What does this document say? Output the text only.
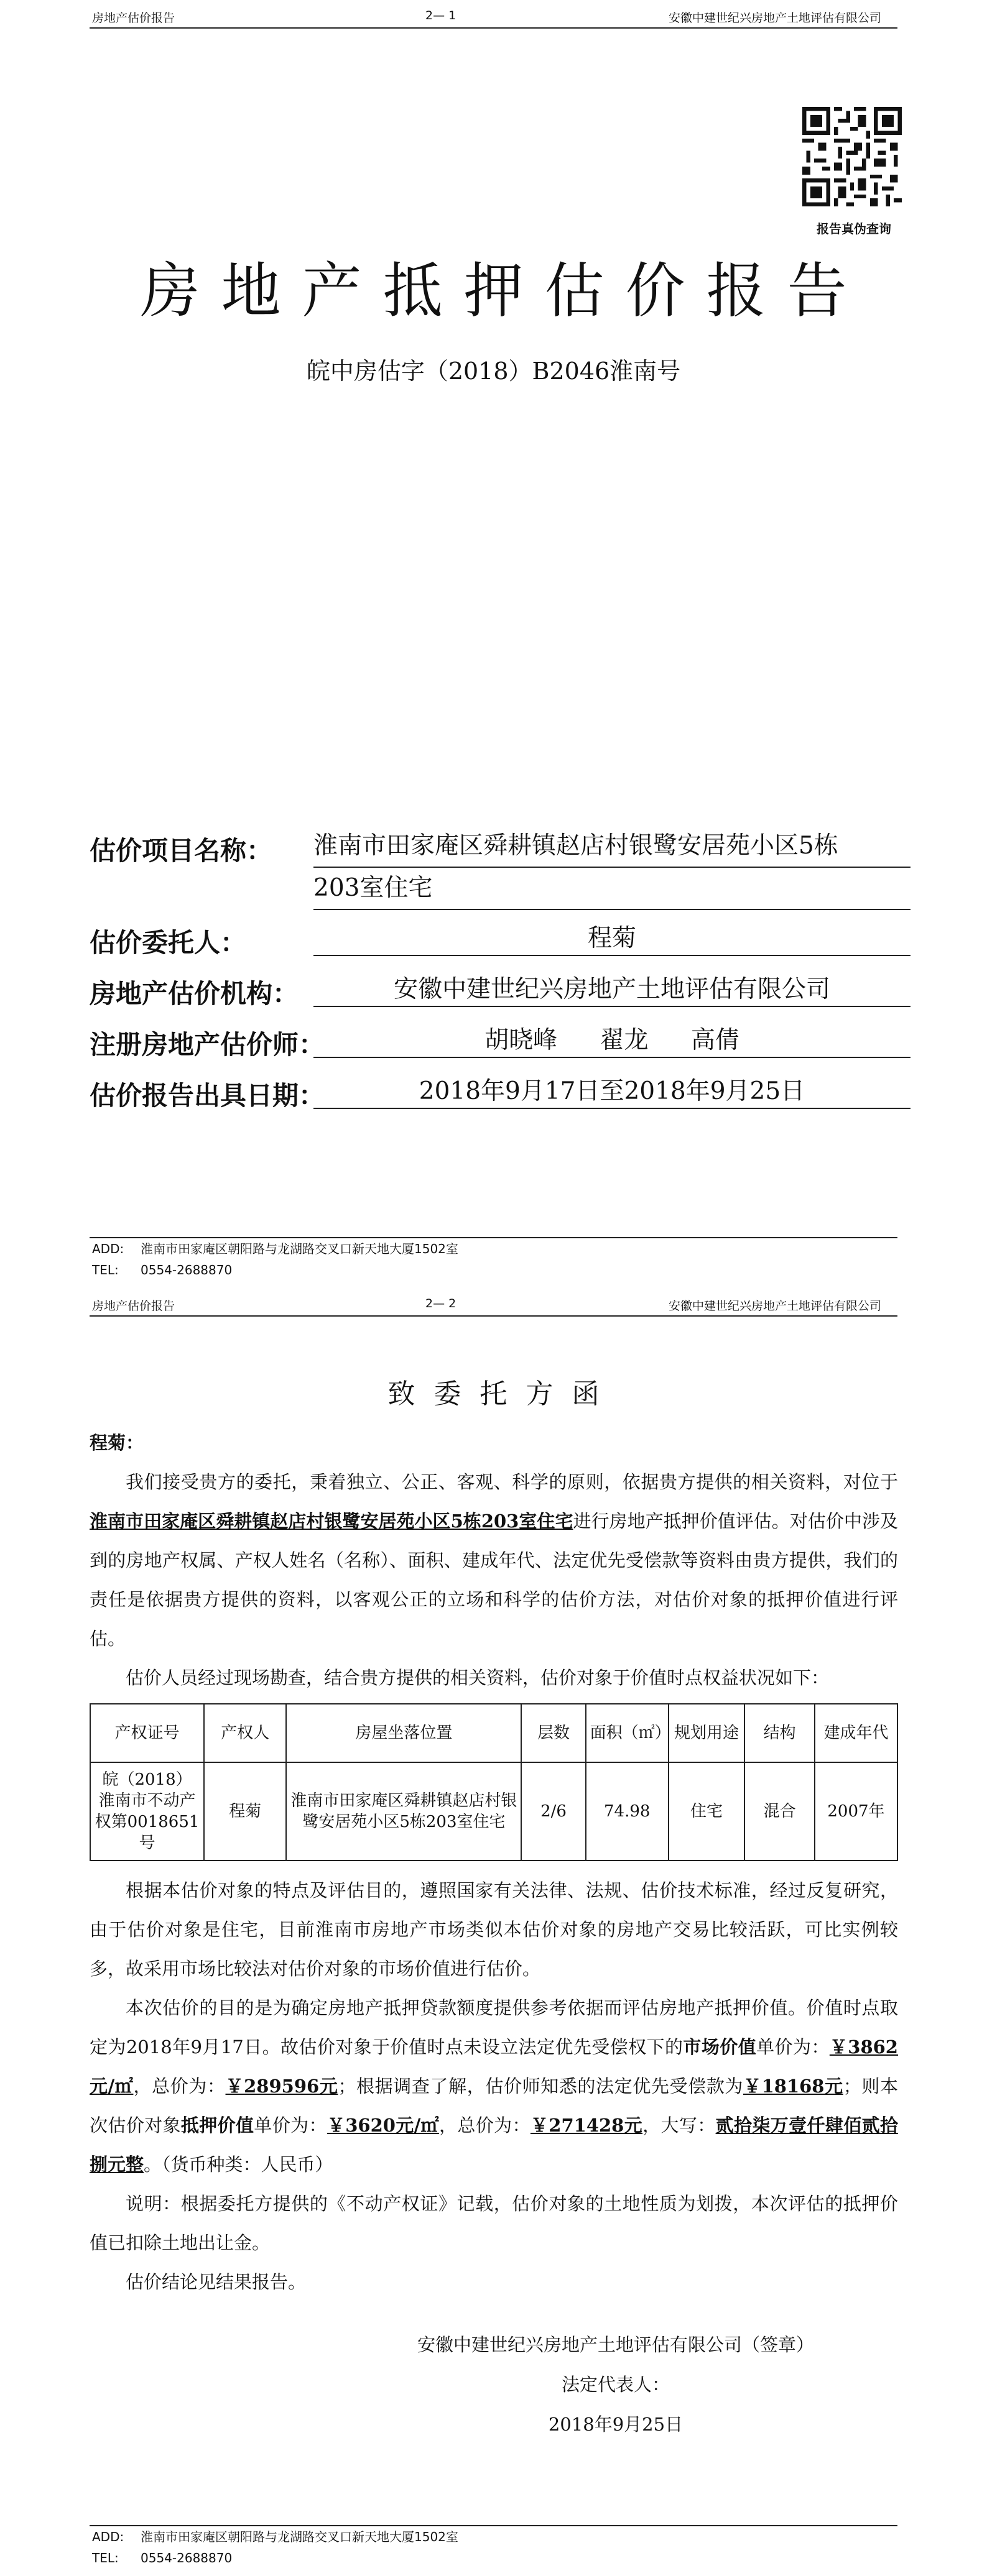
房地产估价报告	2— 1	安徽中建世纪兴房地产土地评估有限公司
报告真伪查询
房地产抵押估价报告
皖中房估字（2018）B2046淮南号
估价项目名称： 淮南市田家庵区舜耕镇赵店村银鹭安居苑小区5栋
203室住宅
估价委托人：	程菊
房地产估价机构：	安徽中建世纪兴房地产土地评估有限公司
注册房地产估价师：	胡晓峰 翟龙 高倩
估价报告出具日期：	2018年9月17日至2018年9月25日
ADD: 淮南市田家庵区朝阳路与龙湖路交叉口新天地大厦1502室
TEL: 0554-2688870
房地产估价报告	2— 2	安徽中建世纪兴房地产土地评估有限公司
致委托方函

程菊：

我们接受贵方的委托，秉着独立、公正、客观、科学的原则，依据贵方提供的相关资料，对位于淮南市田家庵区舜耕镇赵店村银鹭安居苑小区5栋203室住宅进行房地产抵押价值评估。对估价中涉及到的房地产权属、产权人姓名（名称）、面积、建成年代、法定优先受偿款等资料由贵方提供，我们的责任是依据贵方提供的资料，以客观公正的立场和科学的估价方法，对估价对象的抵押价值进行评估。

估价人员经过现场勘查，结合贵方提供的相关资料，估价对象于价值时点权益状况如下：

产权证号	产权人	房屋坐落位置	层数	面积（㎡）	规划用途	结构	建成年代
皖（2018）淮南市不动产权第0018651号	程菊	淮南市田家庵区舜耕镇赵店村银鹭安居苑小区5栋203室住宅	2/6	74.98	住宅	混合	2007年

根据本估价对象的特点及评估目的，遵照国家有关法律、法规、估价技术标准，经过反复研究，由于估价对象是住宅，目前淮南市房地产市场类似本估价对象的房地产交易比较活跃，可比实例较多，故采用市场比较法对估价对象的市场价值进行估价。

本次估价的目的是为确定房地产抵押贷款额度提供参考依据而评估房地产抵押价值。价值时点取定为2018年9月17日。故估价对象于价值时点未设立法定优先受偿权下的市场价值单价为：￥3862元/㎡，总价为：￥289596元；根据调查了解，估价师知悉的法定优先受偿款为￥18168元；则本次估价对象抵押价值单价为：￥3620元/㎡，总价为：￥271428元，大写：贰拾柒万壹仟肆佰贰拾捌元整。（货币种类：人民币）

说明：根据委托方提供的《不动产权证》记载，估价对象的土地性质为划拨，本次评估的抵押价值已扣除土地出让金。

估价结论见结果报告。

安徽中建世纪兴房地产土地评估有限公司（签章）
法定代表人：
2018年9月25日
ADD: 淮南市田家庵区朝阳路与龙湖路交叉口新天地大厦1502室
TEL: 0554-2688870
